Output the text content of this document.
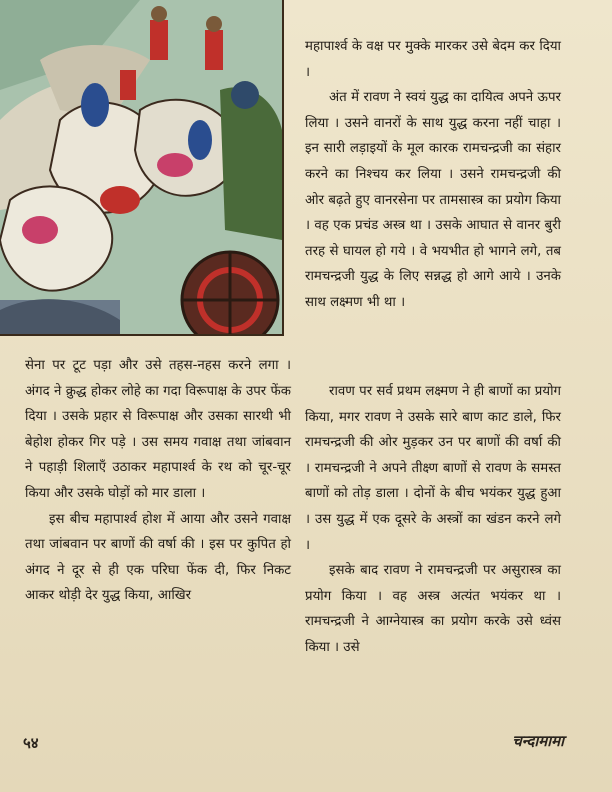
महापार्श्व के वक्ष पर मुक्के मारकर उसे बेदम कर दिया ।

अंत में रावण ने स्वयं युद्ध का दायित्व अपने ऊपर लिया । उसने वानरों के साथ युद्ध करना नहीं चाहा । इन सारी लड़ाइयों के मूल कारक रामचन्द्रजी का संहार करने का निश्चय कर लिया । उसने रामचन्द्रजी की ओर बढ़ते हुए वानरसेना पर तामसास्त्र का प्रयोग किया । वह एक प्रचंड अस्त्र था । उसके आघात से वानर बुरी तरह से घायल हो गये । वे भयभीत हो भागने लगे, तब रामचन्द्रजी युद्ध के लिए सन्नद्ध हो आगे आये । उनके साथ लक्ष्मण भी था ।

सेना पर टूट पड़ा और उसे तहस-नहस करने लगा । अंगद ने क्रुद्ध होकर लोहे का गदा विरूपाक्ष के उपर फेंक दिया । उसके प्रहार से विरूपाक्ष और उसका सारथी भी बेहोश होकर गिर पड़े । उस समय गवाक्ष तथा जांबवान ने पहाड़ी शिलाएँ उठाकर महापार्श्व के रथ को चूर-चूर किया और उसके घोड़ों को मार डाला ।

इस बीच महापार्श्व होश में आया और उसने गवाक्ष तथा जांबवान पर बाणों की वर्षा की । इस पर कुपित हो अंगद ने दूर से ही एक परिघा फेंक दी, फिर निकट आकर थोड़ी देर युद्ध किया, आखिर

रावण पर सर्व प्रथम लक्ष्मण ने ही बाणों का प्रयोग किया, मगर रावण ने उसके सारे बाण काट डाले, फिर रामचन्द्रजी की ओर मुड़कर उन पर बाणों की वर्षा की । रामचन्द्रजी ने अपने तीक्ष्ण बाणों से रावण के समस्त बाणों को तोड़ डाला । दोनों के बीच भयंकर युद्ध हुआ । उस युद्ध में एक दूसरे के अस्त्रों का खंडन करने लगे ।

इसके बाद रावण ने रामचन्द्रजी पर असुरास्त्र का प्रयोग किया । वह अस्त्र अत्यंत भयंकर था । रामचन्द्रजी ने आग्नेयास्त्र का प्रयोग करके उसे ध्वंस किया । उसे

५४	चन्दामामा
